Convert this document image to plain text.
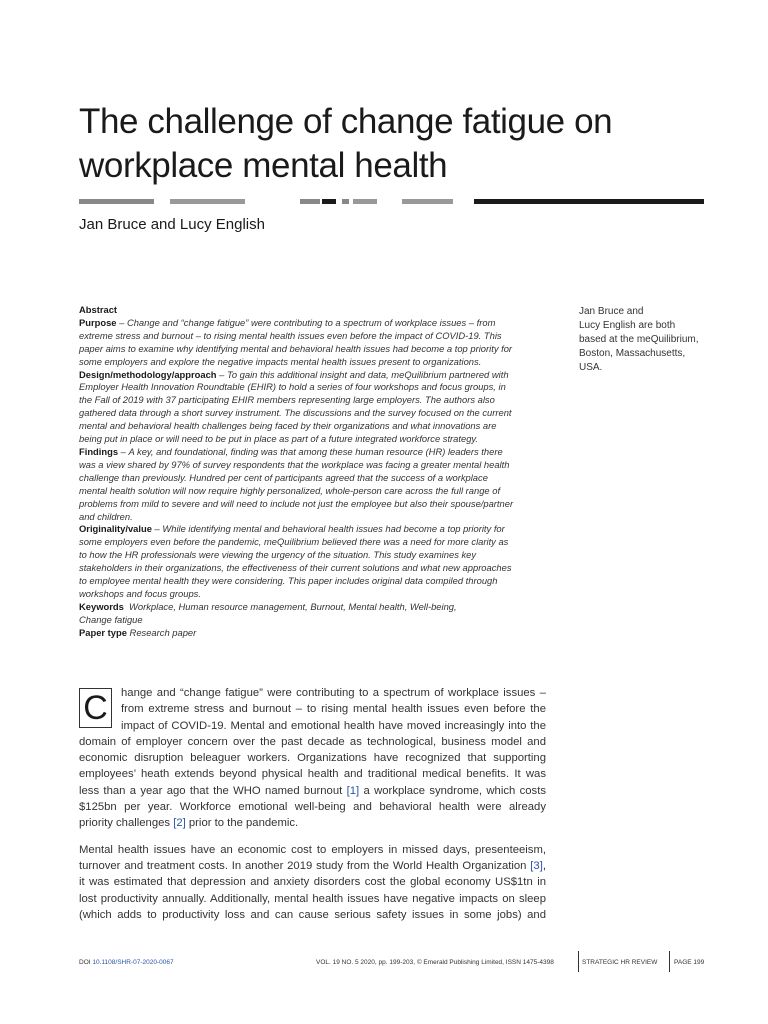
The challenge of change fatigue on
workplace mental health
Jan Bruce and Lucy English
Abstract

Purpose – Change and “change fatigue” were contributing to a spectrum of workplace issues – from
extreme stress and burnout – to rising mental health issues even before the impact of COVID-19. This
paper aims to examine why identifying mental and behavioral health issues had become a top priority for
some employers and explore the negative impacts mental health issues present to organizations.

Design/methodology/approach – To gain this additional insight and data, meQuilibrium partnered with
Employer Health Innovation Roundtable (EHIR) to hold a series of four workshops and focus groups, in
the Fall of 2019 with 37 participating EHIR members representing large employers. The authors also
gathered data through a short survey instrument. The discussions and the survey focused on the current
mental and behavioral health challenges being faced by their organizations and what innovations are
being put in place or will need to be put in place as part of a future integrated workforce strategy.

Findings – A key, and foundational, finding was that among these human resource (HR) leaders there
was a view shared by 97% of survey respondents that the workplace was facing a greater mental health
challenge than previously. Hundred per cent of participants agreed that the success of a workplace
mental health solution will now require highly personalized, whole-person care across the full range of
problems from mild to severe and will need to include not just the employee but also their spouse/partner
and children.

Originality/value – While identifying mental and behavioral health issues had become a top priority for
some employers even before the pandemic, meQuilibrium believed there was a need for more clarity as
to how the HR professionals were viewing the urgency of the situation. This study examines key
stakeholders in their organizations, the effectiveness of their current solutions and what new approaches
to employee mental health they were considering. This paper includes original data compiled through
workshops and focus groups.

Keywords Workplace, Human resource management, Burnout, Mental health, Well-being,
Change fatigue

Paper type Research paper

Jan Bruce and
Lucy English are both
based at the meQuilibrium,
Boston, Massachusetts,
USA.
C	hange and “change fatigue” were contributing to a spectrum of workplace issues –
from extreme stress and burnout – to rising mental health issues even before the
impact of COVID-19. Mental and emotional health have moved increasingly into the
domain of employer concern over the past decade as technological, business model and
economic disruption beleaguer workers. Organizations have recognized that supporting
employees’ heath extends beyond physical health and traditional medical benefits. It was
less than a year ago that the WHO named burnout [1] a workplace syndrome, which costs
$125bn per year. Workforce emotional well-being and behavioral health were already
priority challenges [2] prior to the pandemic.
Mental health issues have an economic cost to employers in missed days, presenteeism,
turnover and treatment costs. In another 2019 study from the World Health Organization [3],
it was estimated that depression and anxiety disorders cost the global economy US$1tn in
lost productivity annually. Additionally, mental health issues have negative impacts on sleep
(which adds to productivity loss and can cause serious safety issues in some jobs) and
DOI 10.1108/SHR-07-2020-0067	VOL. 19 NO. 5 2020, pp. 199-203, © Emerald Publishing Limited, ISSN 1475-4398	STRATEGIC HR REVIEW	PAGE 199
